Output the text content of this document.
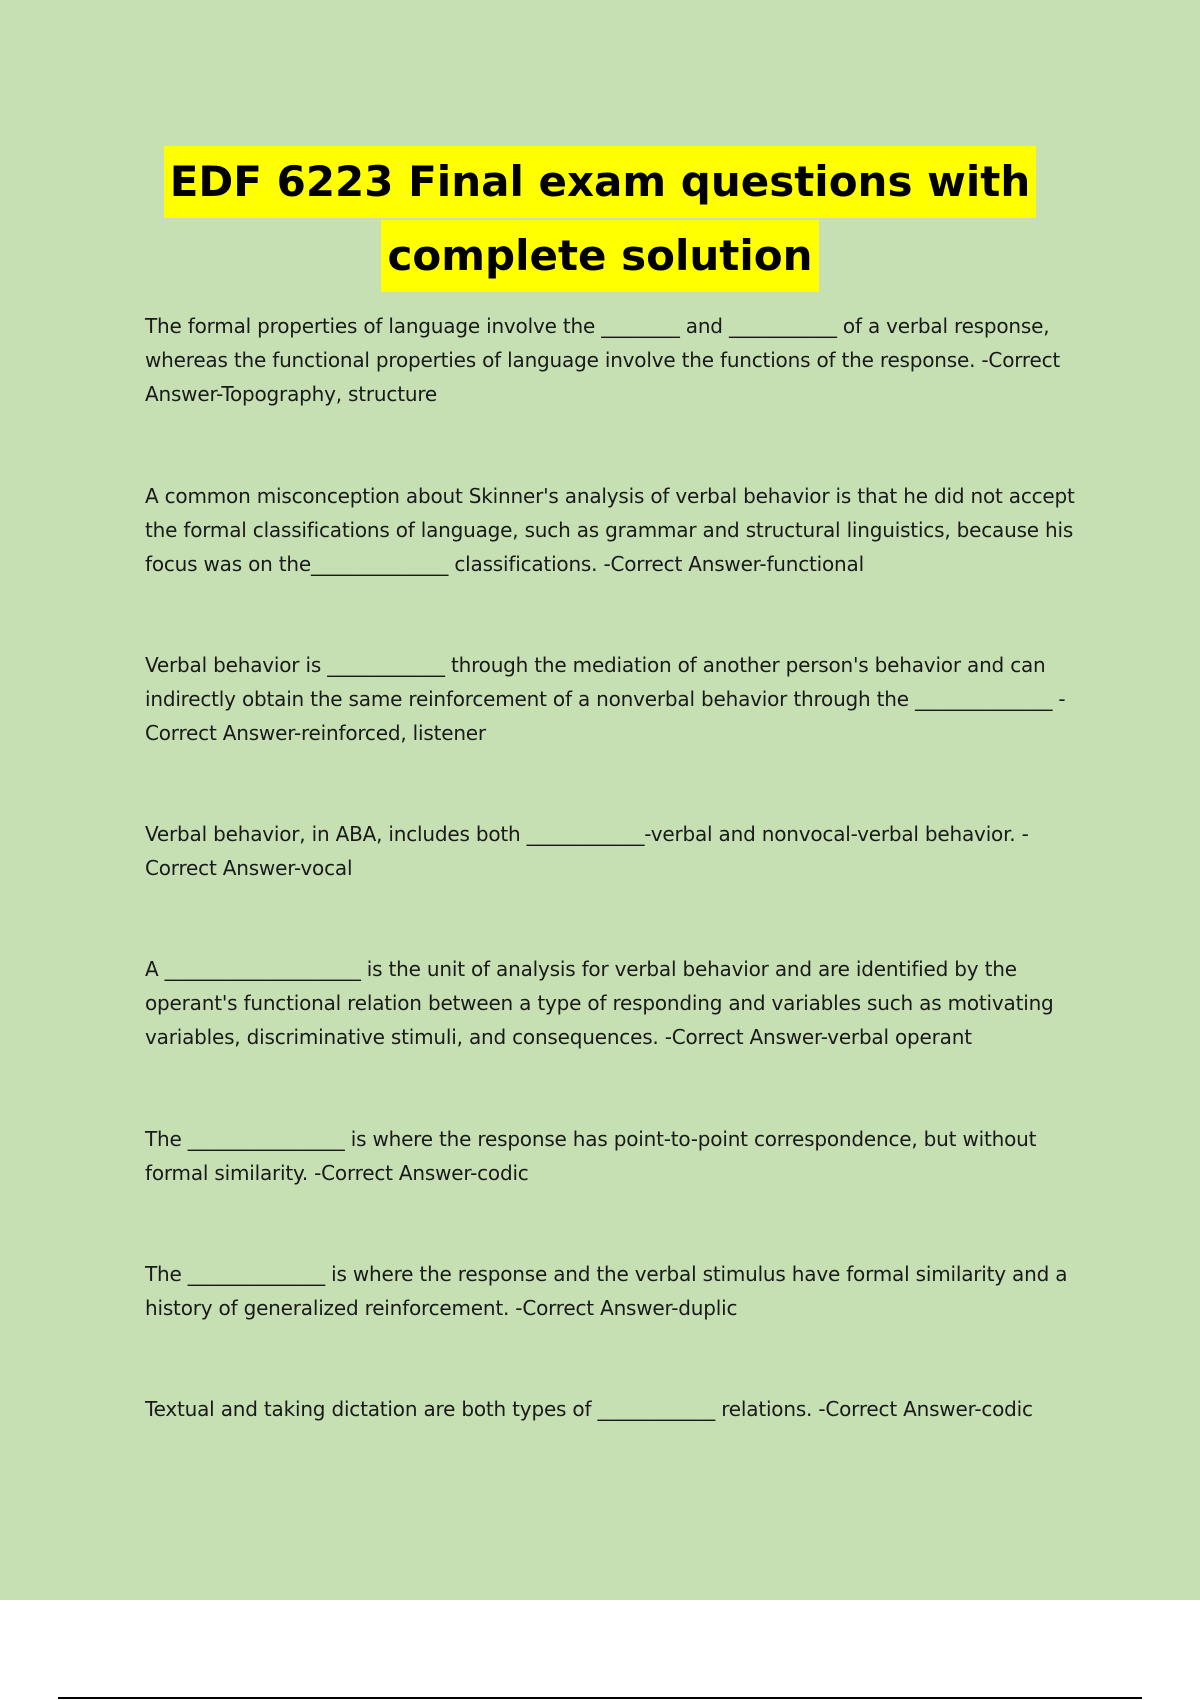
EDF 6223 Final exam questions with
complete solution

The formal properties of language involve the ________ and ___________ of a verbal response, whereas the functional properties of language involve the functions of the response. -Correct Answer-Topography, structure

A common misconception about Skinner's analysis of verbal behavior is that he did not accept the formal classifications of language, such as grammar and structural linguistics, because his focus was on the______________ classifications. -Correct Answer-functional

Verbal behavior is ____________ through the mediation of another person's behavior and can indirectly obtain the same reinforcement of a nonverbal behavior through the ______________ -Correct Answer-reinforced, listener

Verbal behavior, in ABA, includes both ____________-verbal and nonvocal-verbal behavior. -Correct Answer-vocal

A ____________________ is the unit of analysis for verbal behavior and are identified by the operant's functional relation between a type of responding and variables such as motivating variables, discriminative stimuli, and consequences. -Correct Answer-verbal operant

The ________________ is where the response has point-to-point correspondence, but without formal similarity. -Correct Answer-codic

The ______________ is where the response and the verbal stimulus have formal similarity and a history of generalized reinforcement. -Correct Answer-duplic

Textual and taking dictation are both types of ____________ relations. -Correct Answer-codic
